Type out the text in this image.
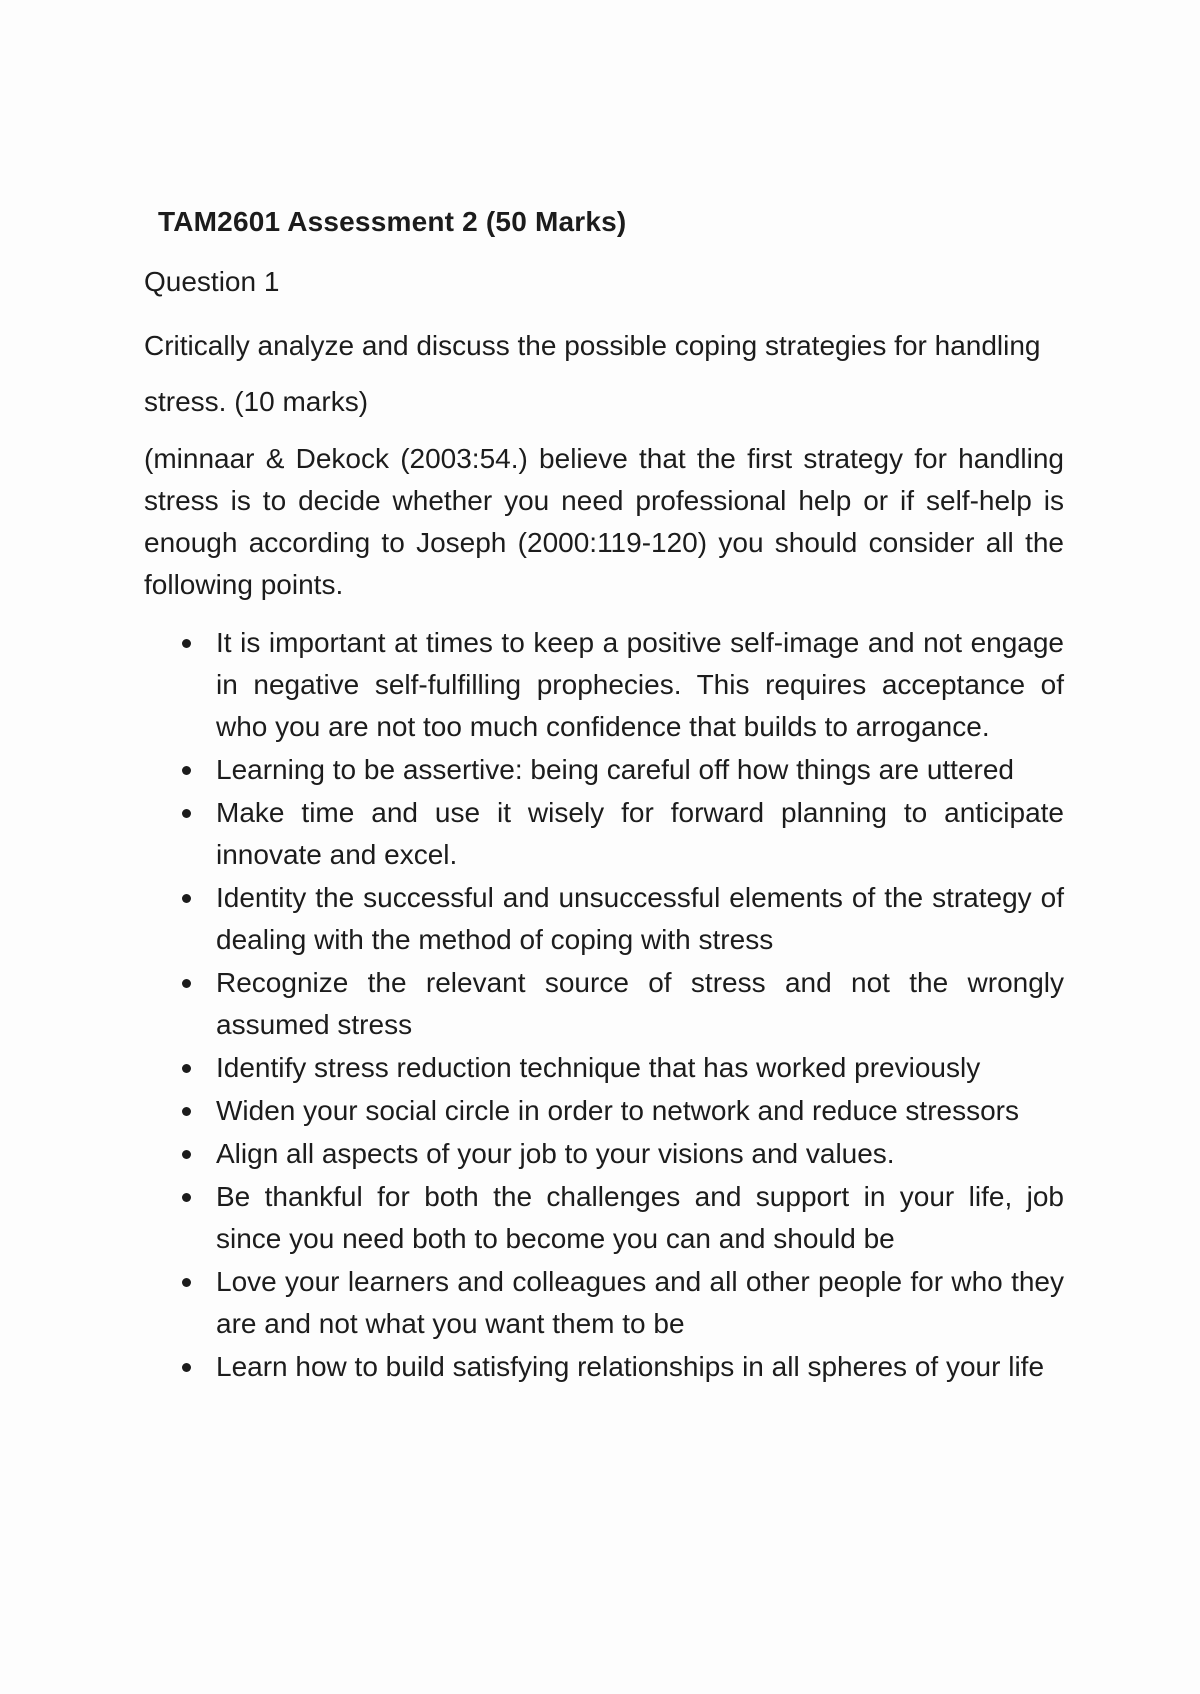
TAM2601 Assessment 2 (50 Marks)

Question 1

Critically analyze and discuss the possible coping strategies for handling stress. (10 marks)

(minnaar & Dekock (2003:54.) believe that the first strategy for handling stress is to decide whether you need professional help or if self-help is enough according to Joseph (2000:119-120) you should consider all the following points.

It is important at times to keep a positive self-image and not engage in negative self-fulfilling prophecies. This requires acceptance of who you are not too much confidence that builds to arrogance.
Learning to be assertive: being careful off how things are uttered
Make time and use it wisely for forward planning to anticipate innovate and excel.
Identity the successful and unsuccessful elements of the strategy of dealing with the method of coping with stress
Recognize the relevant source of stress and not the wrongly assumed stress
Identify stress reduction technique that has worked previously
Widen your social circle in order to network and reduce stressors
Align all aspects of your job to your visions and values.
Be thankful for both the challenges and support in your life, job since you need both to become you can and should be
Love your learners and colleagues and all other people for who they are and not what you want them to be
Learn how to build satisfying relationships in all spheres of your life
